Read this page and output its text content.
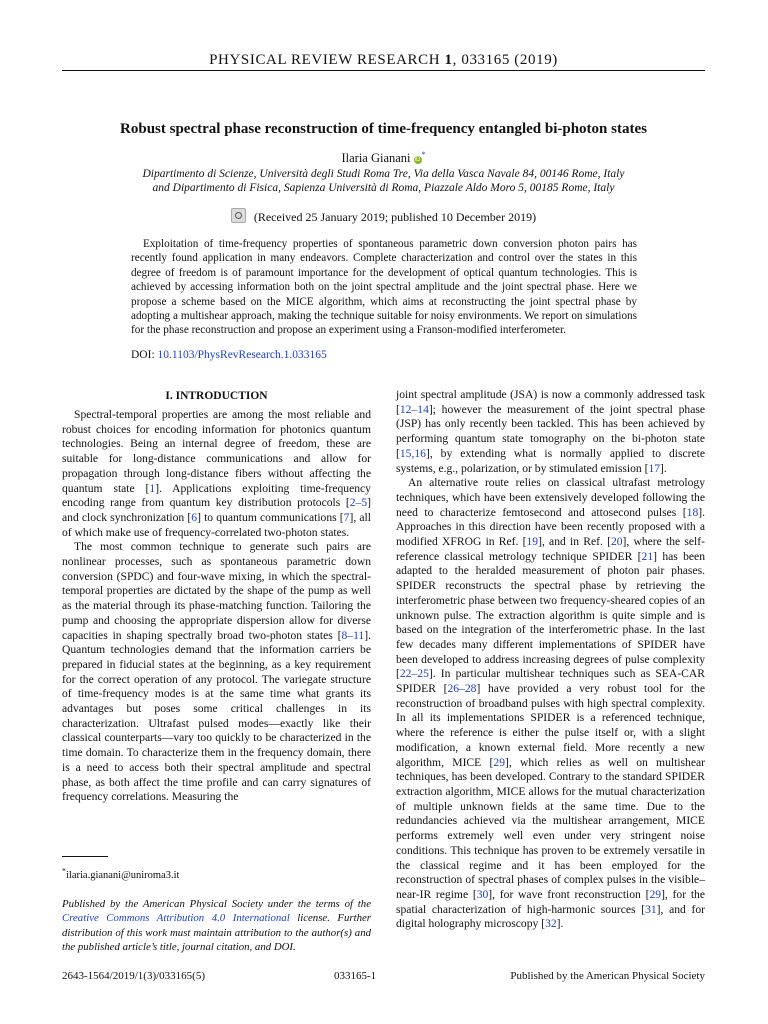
PHYSICAL REVIEW RESEARCH 1, 033165 (2019)
Robust spectral phase reconstruction of time-frequency entangled bi-photon states
Ilaria Gianani iD*
Dipartimento di Scienze, Università degli Studi Roma Tre, Via della Vasca Navale 84, 00146 Rome, Italy
and Dipartimento di Fisica, Sapienza Università di Roma, Piazzale Aldo Moro 5, 00185 Rome, Italy
(Received 25 January 2019; published 10 December 2019)
Exploitation of time-frequency properties of spontaneous parametric down conversion photon pairs has recently found application in many endeavors. Complete characterization and control over the states in this degree of freedom is of paramount importance for the development of optical quantum technologies. This is achieved by accessing information both on the joint spectral amplitude and the joint spectral phase. Here we propose a scheme based on the MICE algorithm, which aims at reconstructing the joint spectral phase by adopting a multishear approach, making the technique suitable for noisy environments. We report on simulations for the phase reconstruction and propose an experiment using a Franson-modified interferometer.
DOI: 10.1103/PhysRevResearch.1.033165
I. INTRODUCTION

Spectral-temporal properties are among the most reliable and robust choices for encoding information for photonics quantum technologies. Being an internal degree of freedom, these are suitable for long-distance communications and allow for propagation through long-distance fibers without affecting the quantum state [1]. Applications exploiting time-frequency encoding range from quantum key distribution protocols [2–5] and clock synchronization [6] to quantum communications [7], all of which make use of frequency-correlated two-photon states.

The most common technique to generate such pairs are nonlinear processes, such as spontaneous parametric down conversion (SPDC) and four-wave mixing, in which the spectral-temporal properties are dictated by the shape of the pump as well as the material through its phase-matching function. Tailoring the pump and choosing the appropriate dispersion allow for diverse capacities in shaping spectrally broad two-photon states [8–11]. Quantum technologies demand that the information carriers be prepared in fiducial states at the beginning, as a key requirement for the correct operation of any protocol. The variegate structure of time-frequency modes is at the same time what grants its advantages but poses some critical challenges in its characterization. Ultrafast pulsed modes—exactly like their classical counterparts—vary too quickly to be characterized in the time domain. To characterize them in the frequency domain, there is a need to access both their spectral amplitude and spectral phase, as both affect the time profile and can carry signatures of frequency correlations. Measuring the

joint spectral amplitude (JSA) is now a commonly addressed task [12–14]; however the measurement of the joint spectral phase (JSP) has only recently been tackled. This has been achieved by performing quantum state tomography on the bi-photon state [15,16], by extending what is normally applied to discrete systems, e.g., polarization, or by stimulated emission [17].

An alternative route relies on classical ultrafast metrology techniques, which have been extensively developed following the need to characterize femtosecond and attosecond pulses [18]. Approaches in this direction have been recently proposed with a modified XFROG in Ref. [19], and in Ref. [20], where the self-reference classical metrology technique SPIDER [21] has been adapted to the heralded measurement of photon pair phases. SPIDER reconstructs the spectral phase by retrieving the interferometric phase between two frequency-sheared copies of an unknown pulse. The extraction algorithm is quite simple and is based on the integration of the interferometric phase. In the last few decades many different implementations of SPIDER have been developed to address increasing degrees of pulse complexity [22–25]. In particular multishear techniques such as SEA-CAR SPIDER [26–28] have provided a very robust tool for the reconstruction of broadband pulses with high spectral complexity. In all its implementations SPIDER is a referenced technique, where the reference is either the pulse itself or, with a slight modification, a known external field. More recently a new algorithm, MICE [29], which relies as well on multishear techniques, has been developed. Contrary to the standard SPIDER extraction algorithm, MICE allows for the mutual characterization of multiple unknown fields at the same time. Due to the redundancies achieved via the multishear arrangement, MICE performs extremely well even under very stringent noise conditions. This technique has proven to be extremely versatile in the classical regime and it has been employed for the reconstruction of spectral phases of complex pulses in the visible–near-IR regime [30], for wave front reconstruction [29], for the spatial characterization of high-harmonic sources [31], and for digital holography microscopy [32].

*ilaria.gianani@uniroma3.it
Published by the American Physical Society under the terms of the Creative Commons Attribution 4.0 International license. Further distribution of this work must maintain attribution to the author(s) and the published article’s title, journal citation, and DOI.
2643-1564/2019/1(3)/033165(5)	033165-1	Published by the American Physical Society
